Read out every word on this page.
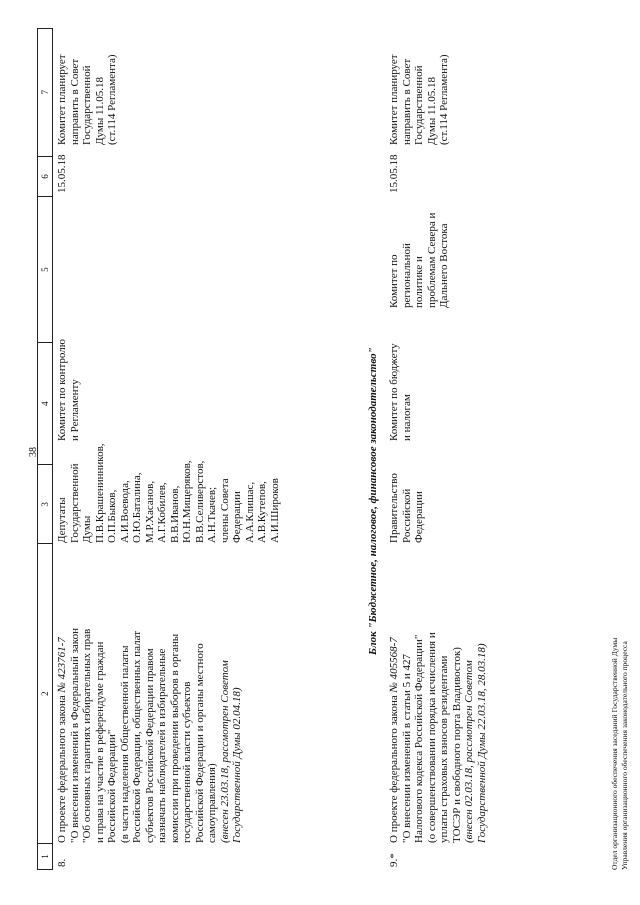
38
1
2
3
4
5
6
7
8.
О проекте федерального закона № 423761-7 "О внесении изменений в Федеральный закон "Об основных гарантиях избирательных прав и права на участие в референдуме граждан Российской Федерации" (в части наделения Общественной палаты Российской Федерации, общественных палат субъектов Российской Федерации правом назначать наблюдателей в избирательные комиссии при проведении выборов в органы государственной власти субъектов Российской Федерации и органы местного самоуправления) (внесен 23.03.18, рассмотрен Советом Государственной Думы 02.04.18)
Депутаты Государственной Думы П.В.Крашенинников, О.П.Быков, А.И.Воевода, О.Ю.Баталина, М.Р.Хасанов, А.Г.Кобилев, В.В.Иванов, Ю.Н.Мищеряков, В.В.Селиверстов, А.Н.Ткачев; члены Совета Федерации А.А.Клишас, А.В.Кутепов, А.И.Широков
Комитет по контролю и Регламенту
15.05.18
Комитет планирует направить в Совет Государственной Думы 11.05.18 (ст.114 Регламента)
Блок "Бюджетное, налоговое, финансовое законодательство"
9.*
О проекте федерального закона № 405568-7 "О внесении изменений в статьи 5 и 427 Налогового кодекса Российской Федерации" (о совершенствовании порядка исчисления и уплаты страховых взносов резидентами ТОСЭР и свободного порта Владивосток) (внесен 02.03.18, рассмотрен Советом Государственной Думы 22.03.18, 28.03.18)
Правительство Российской Федерации
Комитет по бюджету и налогам
Комитет по региональной политике и проблемам Севера и Дальнего Востока
15.05.18
Комитет планирует направить в Совет Государственной Думы 11.05.18 (ст.114 Регламента)
Отдел организационного обеспечения заседаний Государственной Думы Управления организационного обеспечения законодательного процесса
